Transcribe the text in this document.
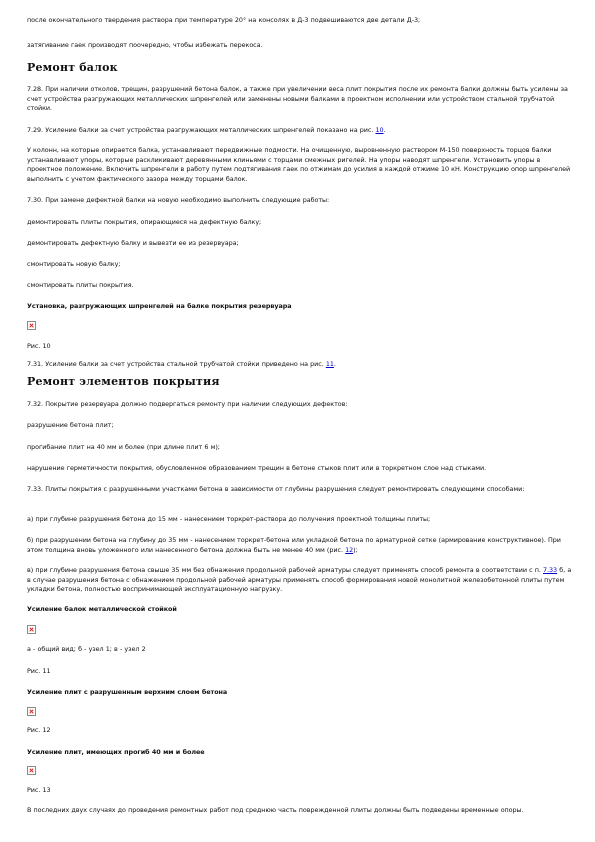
после окончательного твердения раствора при температуре 20° на консолях в Д-3 подвешиваются две детали Д-3;

затягивание гаек производят поочередно, чтобы избежать перекоса.

Ремонт балок

7.28. При наличии отколов, трещин, разрушений бетона балок, а также при увеличении веса плит покрытия после их ремонта балки должны быть усилены за счет устройства разгружающих металлических шпренгелей или заменены новыми балками в проектном исполнении или устройством стальной трубчатой стойки.

7.29. Усиление балки за счет устройства разгружающих металлических шпренгелей показано на рис. 10.

У колонн, на которые опирается балка, устанавливают передвижные подмости. На очищенную, выровненную раствором М-150 поверхность торцов балки устанавливают упоры, которые раскликивают деревянными клиньями с торцами смежных ригелей. На упоры наводят шпренгели. Установить упоры в проектное положение. Включить шпренгели в работу путем подтягивания гаек по отжимам до усилия в каждой отжиме 10 кН. Конструкцию опор шпренгелей выполнить с учетом фактического зазора между торцами балок.

7.30. При замене дефектной балки на новую необходимо выполнить следующие работы:

демонтировать плиты покрытия, опирающиеся на дефектную балку;

демонтировать дефектную балку и вывезти ее из резервуара;

смонтировать новую балку;

смонтировать плиты покрытия.

Установка, разгружающих шпренгелей на балке покрытия резервуара

Рис. 10

7.31. Усиление балки за счет устройства стальной трубчатой стойки приведено на рис. 11.

Ремонт элементов покрытия

7.32. Покрытие резервуара должно подвергаться ремонту при наличии следующих дефектов:

разрушение бетона плит;

прогибание плит на 40 мм и более (при длине плит 6 м);

нарушение герметичности покрытия, обусловленное образованием трещин в бетоне стыков плит или в торкретном слое над стыками.

7.33. Плиты покрытия с разрушенными участками бетона в зависимости от глубины разрушения следует ремонтировать следующими способами:

а) при глубине разрушения бетона до 15 мм - нанесением торкрет-раствора до получения проектной толщины плиты;

б) при разрушении бетона на глубину до 35 мм - нанесением торкрет-бетона или укладкой бетона по арматурной сетке (армирование конструктивное). При этом толщина вновь уложенного или нанесенного бетона должна быть не менее 40 мм (рис. 12);

в) при глубине разрушения бетона свыше 35 мм без обнажения продольной рабочей арматуры следует применять способ ремонта в соответствии с п. 7.33 б, а в случае разрушения бетона с обнажением продольной рабочей арматуры применять способ формирования новой монолитной железобетонной плиты путем укладки бетона, полностью воспринимающей эксплуатационную нагрузку.

Усиление балок металлической стойкой

а - общий вид; б - узел 1; в - узел 2

Рис. 11

Усиление плит с разрушенным верхним слоем бетона

Рис. 12

Усиление плит, имеющих прогиб 40 мм и более

Рис. 13

В последних двух случаях до проведения ремонтных работ под среднюю часть поврежденной плиты должны быть подведены временные опоры.
